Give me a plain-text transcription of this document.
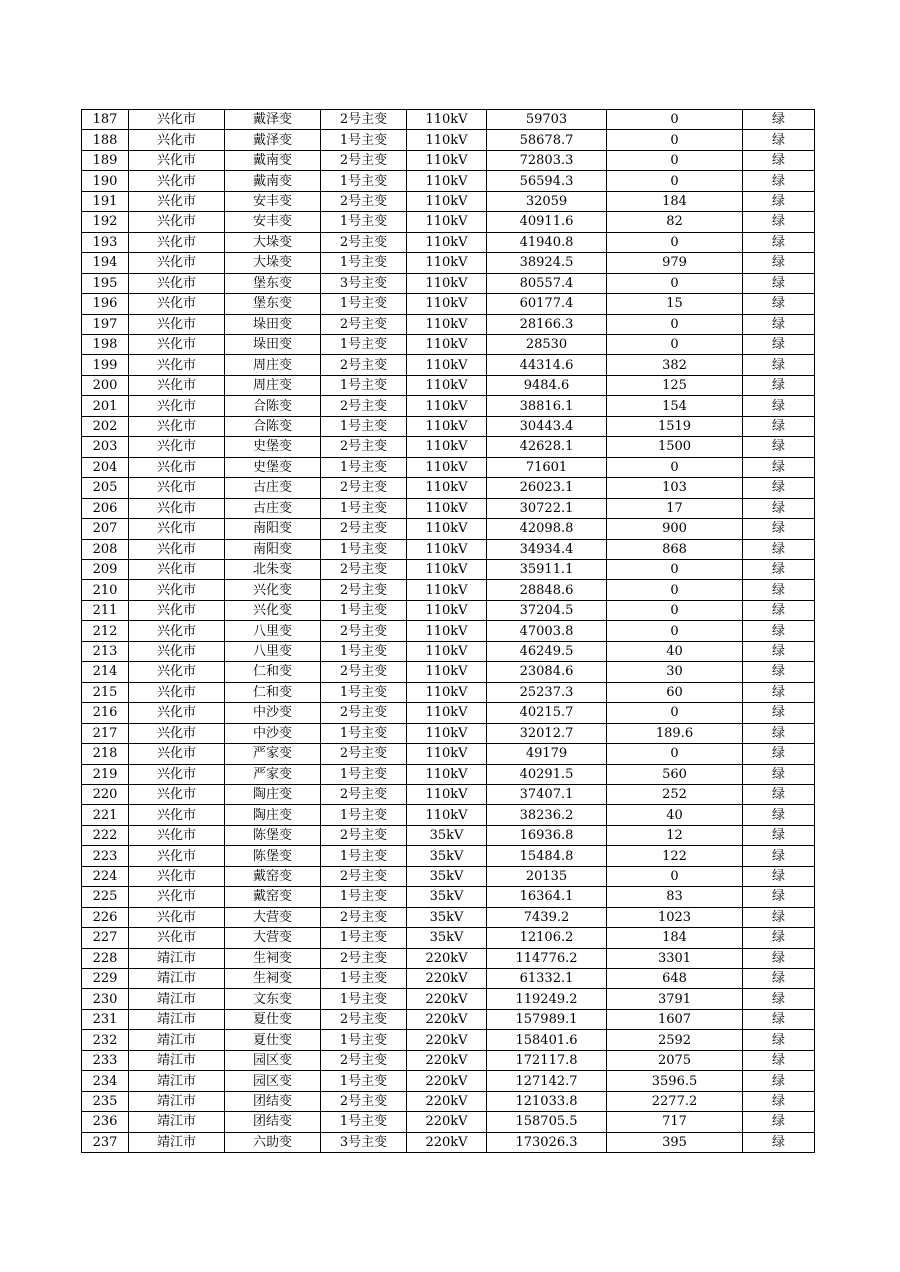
187	兴化市	戴泽变	2号主变	110kV	59703	0	绿
188	兴化市	戴泽变	1号主变	110kV	58678.7	0	绿
189	兴化市	戴南变	2号主变	110kV	72803.3	0	绿
190	兴化市	戴南变	1号主变	110kV	56594.3	0	绿
191	兴化市	安丰变	2号主变	110kV	32059	184	绿
192	兴化市	安丰变	1号主变	110kV	40911.6	82	绿
193	兴化市	大垛变	2号主变	110kV	41940.8	0	绿
194	兴化市	大垛变	1号主变	110kV	38924.5	979	绿
195	兴化市	堡东变	3号主变	110kV	80557.4	0	绿
196	兴化市	堡东变	1号主变	110kV	60177.4	15	绿
197	兴化市	垛田变	2号主变	110kV	28166.3	0	绿
198	兴化市	垛田变	1号主变	110kV	28530	0	绿
199	兴化市	周庄变	2号主变	110kV	44314.6	382	绿
200	兴化市	周庄变	1号主变	110kV	9484.6	125	绿
201	兴化市	合陈变	2号主变	110kV	38816.1	154	绿
202	兴化市	合陈变	1号主变	110kV	30443.4	1519	绿
203	兴化市	史堡变	2号主变	110kV	42628.1	1500	绿
204	兴化市	史堡变	1号主变	110kV	71601	0	绿
205	兴化市	古庄变	2号主变	110kV	26023.1	103	绿
206	兴化市	古庄变	1号主变	110kV	30722.1	17	绿
207	兴化市	南阳变	2号主变	110kV	42098.8	900	绿
208	兴化市	南阳变	1号主变	110kV	34934.4	868	绿
209	兴化市	北朱变	2号主变	110kV	35911.1	0	绿
210	兴化市	兴化变	2号主变	110kV	28848.6	0	绿
211	兴化市	兴化变	1号主变	110kV	37204.5	0	绿
212	兴化市	八里变	2号主变	110kV	47003.8	0	绿
213	兴化市	八里变	1号主变	110kV	46249.5	40	绿
214	兴化市	仁和变	2号主变	110kV	23084.6	30	绿
215	兴化市	仁和变	1号主变	110kV	25237.3	60	绿
216	兴化市	中沙变	2号主变	110kV	40215.7	0	绿
217	兴化市	中沙变	1号主变	110kV	32012.7	189.6	绿
218	兴化市	严家变	2号主变	110kV	49179	0	绿
219	兴化市	严家变	1号主变	110kV	40291.5	560	绿
220	兴化市	陶庄变	2号主变	110kV	37407.1	252	绿
221	兴化市	陶庄变	1号主变	110kV	38236.2	40	绿
222	兴化市	陈堡变	2号主变	35kV	16936.8	12	绿
223	兴化市	陈堡变	1号主变	35kV	15484.8	122	绿
224	兴化市	戴窑变	2号主变	35kV	20135	0	绿
225	兴化市	戴窑变	1号主变	35kV	16364.1	83	绿
226	兴化市	大营变	2号主变	35kV	7439.2	1023	绿
227	兴化市	大营变	1号主变	35kV	12106.2	184	绿
228	靖江市	生祠变	2号主变	220kV	114776.2	3301	绿
229	靖江市	生祠变	1号主变	220kV	61332.1	648	绿
230	靖江市	文东变	1号主变	220kV	119249.2	3791	绿
231	靖江市	夏仕变	2号主变	220kV	157989.1	1607	绿
232	靖江市	夏仕变	1号主变	220kV	158401.6	2592	绿
233	靖江市	园区变	2号主变	220kV	172117.8	2075	绿
234	靖江市	园区变	1号主变	220kV	127142.7	3596.5	绿
235	靖江市	团结变	2号主变	220kV	121033.8	2277.2	绿
236	靖江市	团结变	1号主变	220kV	158705.5	717	绿
237	靖江市	六助变	3号主变	220kV	173026.3	395	绿
